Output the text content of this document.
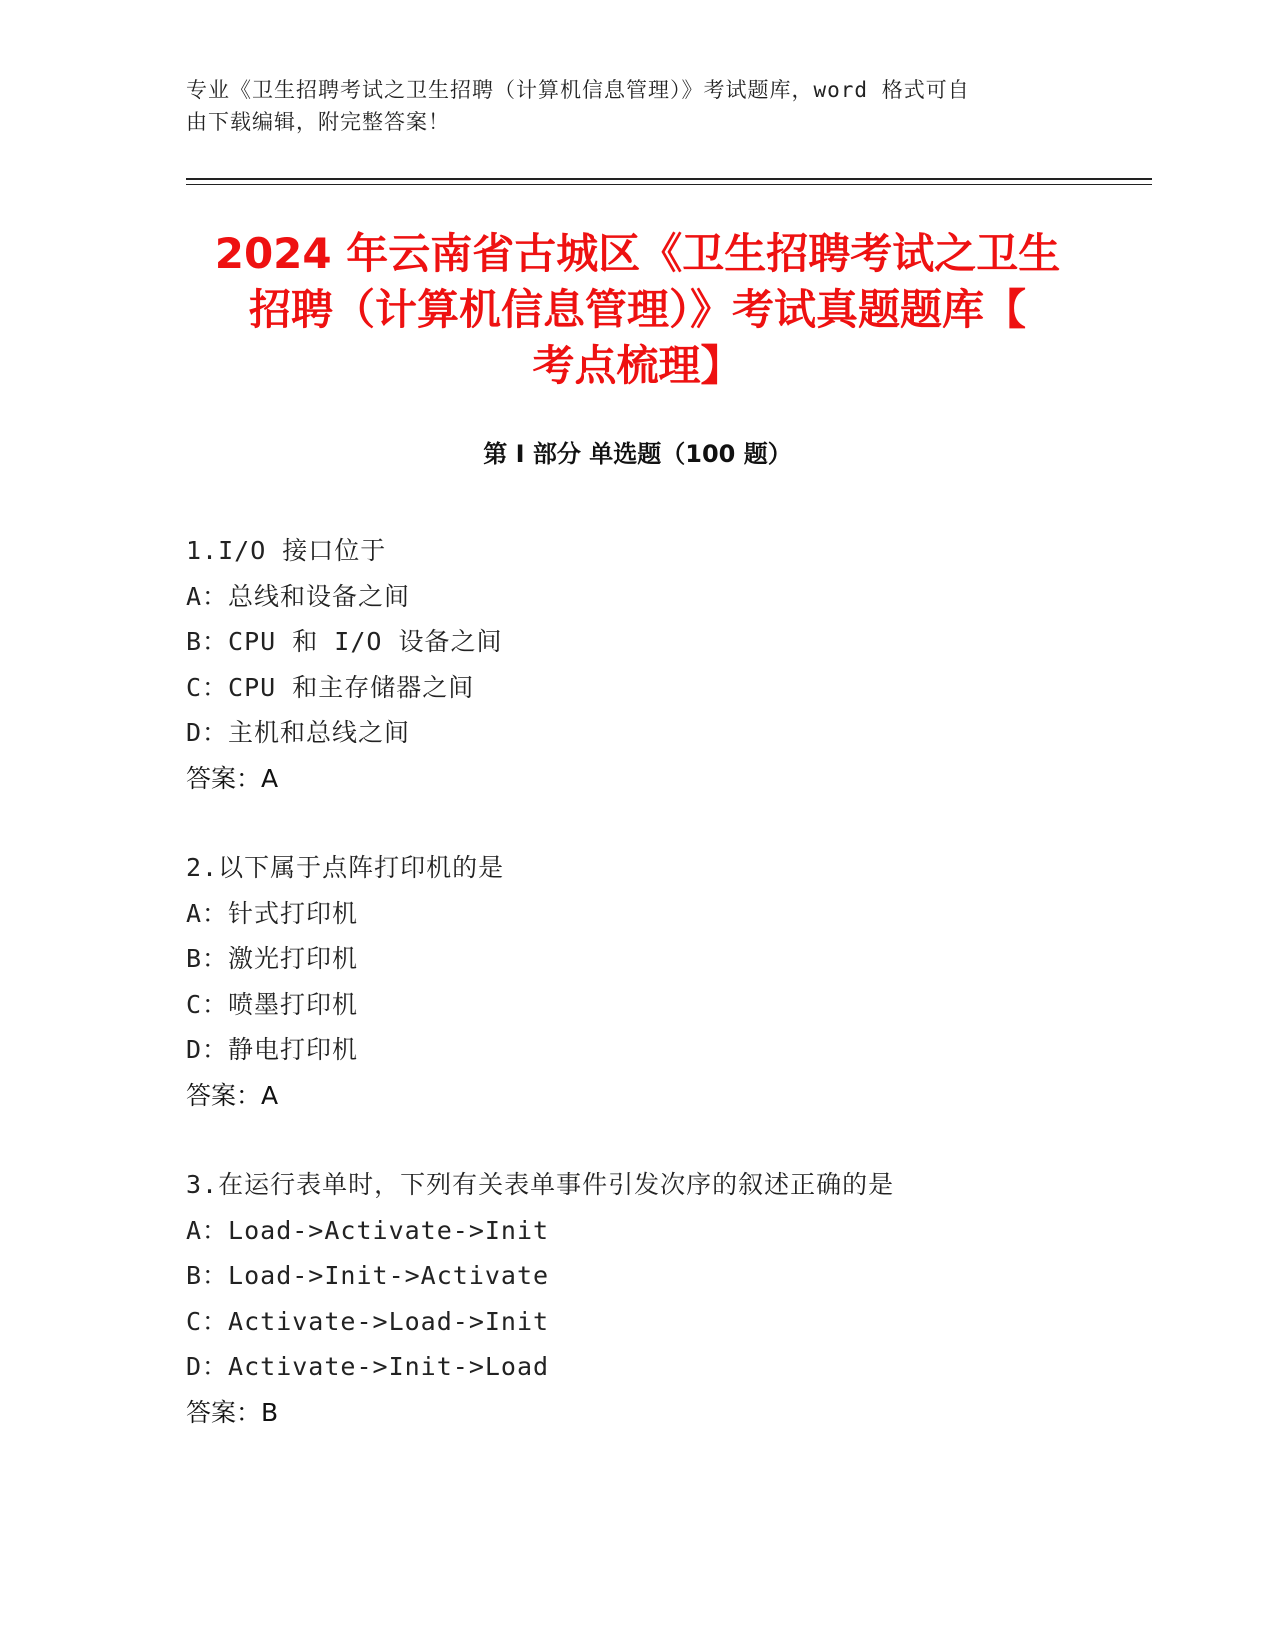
专业《卫生招聘考试之卫生招聘（计算机信息管理）》考试题库，word 格式可自
由下载编辑，附完整答案！
2024 年云南省古城区《卫生招聘考试之卫生
招聘（计算机信息管理）》考试真题题库【
考点梳理】
第 I 部分 单选题（100 题）
1.I/O 接口位于
A：总线和设备之间
B：CPU 和 I/O 设备之间
C：CPU 和主存储器之间
D：主机和总线之间
答案：A
2.以下属于点阵打印机的是
A：针式打印机
B：激光打印机
C：喷墨打印机
D：静电打印机
答案：A
3.在运行表单时，下列有关表单事件引发次序的叙述正确的是
A：Load->Activate->Init
B：Load->Init->Activate
C：Activate->Load->Init
D：Activate->Init->Load
答案：B
